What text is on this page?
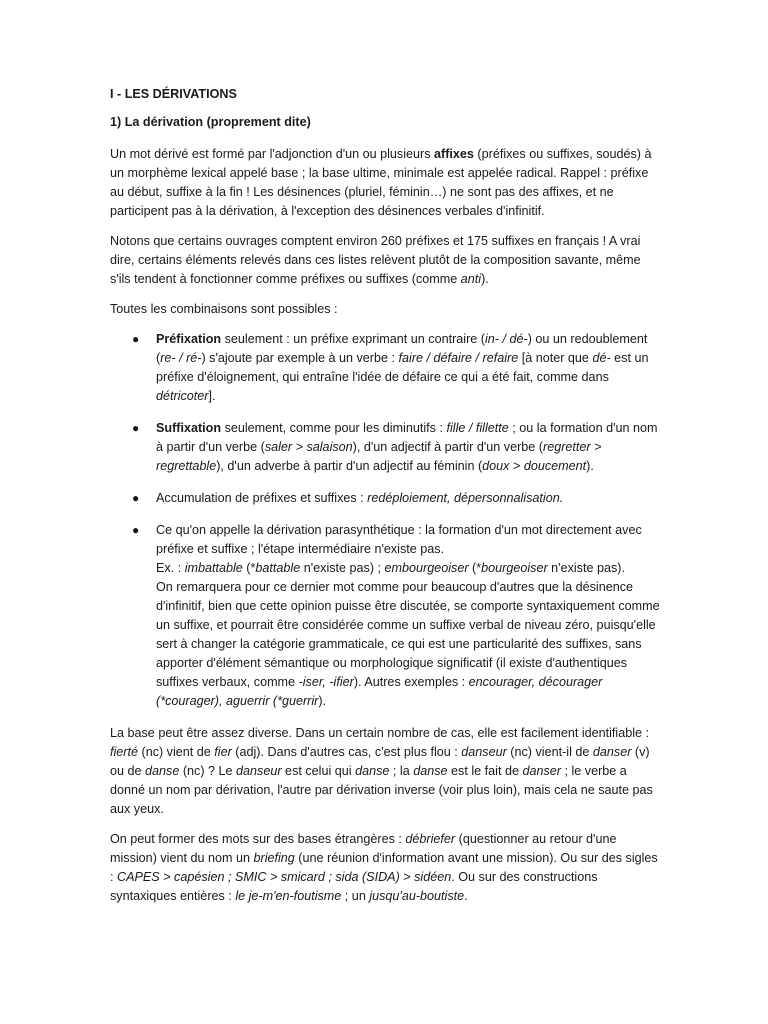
I - LES DÉRIVATIONS
1) La dérivation (proprement dite)

Un mot dérivé est formé par l'adjonction d'un ou plusieurs affixes (préfixes ou suffixes, soudés) à un morphème lexical appelé base ; la base ultime, minimale est appelée radical. Rappel : préfixe au début, suffixe à la fin ! Les désinences (pluriel, féminin…) ne sont pas des affixes, et ne participent pas à la dérivation, à l'exception des désinences verbales d'infinitif.

Notons que certains ouvrages comptent environ 260 préfixes et 175 suffixes en français ! A vrai dire, certains éléments relevés dans ces listes relèvent plutôt de la composition savante, même s'ils tendent à fonctionner comme préfixes ou suffixes (comme anti).

Toutes les combinaisons sont possibles :

● Préfixation seulement : un préfixe exprimant un contraire (in- / dé-) ou un redoublement (re- / ré-) s'ajoute par exemple à un verbe : faire / défaire / refaire [à noter que dé- est un préfixe d'éloignement, qui entraîne l'idée de défaire ce qui a été fait, comme dans détricoter].
● Suffixation seulement, comme pour les diminutifs : fille / fillette ; ou la formation d'un nom à partir d'un verbe (saler > salaison), d'un adjectif à partir d'un verbe (regretter > regrettable), d'un adverbe à partir d'un adjectif au féminin (doux > doucement).
● Accumulation de préfixes et suffixes : redéploiement, dépersonnalisation.
● Ce qu'on appelle la dérivation parasynthétique : la formation d'un mot directement avec préfixe et suffixe ; l'étape intermédiaire n'existe pas.
Ex. : imbattable (*battable n'existe pas) ; embourgeoiser (*bourgeoiser n'existe pas).
On remarquera pour ce dernier mot comme pour beaucoup d'autres que la désinence d'infinitif, bien que cette opinion puisse être discutée, se comporte syntaxiquement comme un suffixe, et pourrait être considérée comme un suffixe verbal de niveau zéro, puisqu'elle sert à changer la catégorie grammaticale, ce qui est une particularité des suffixes, sans apporter d'élément sémantique ou morphologique significatif (il existe d'authentiques suffixes verbaux, comme -iser, -ifier). Autres exemples : encourager, décourager (*courager), aguerrir (*guerrir).

La base peut être assez diverse. Dans un certain nombre de cas, elle est facilement identifiable : fierté (nc) vient de fier (adj). Dans d'autres cas, c'est plus flou : danseur (nc) vient-il de danser (v) ou de danse (nc) ? Le danseur est celui qui danse ; la danse est le fait de danser ; le verbe a donné un nom par dérivation, l'autre par dérivation inverse (voir plus loin), mais cela ne saute pas aux yeux.

On peut former des mots sur des bases étrangères : débriefer (questionner au retour d'une mission) vient du nom un briefing (une réunion d'information avant une mission). Ou sur des sigles : CAPES > capésien ; SMIC > smicard ; sida (SIDA) > sidéen. Ou sur des constructions syntaxiques entières : le je-m'en-foutisme ; un jusqu'au-boutiste.
